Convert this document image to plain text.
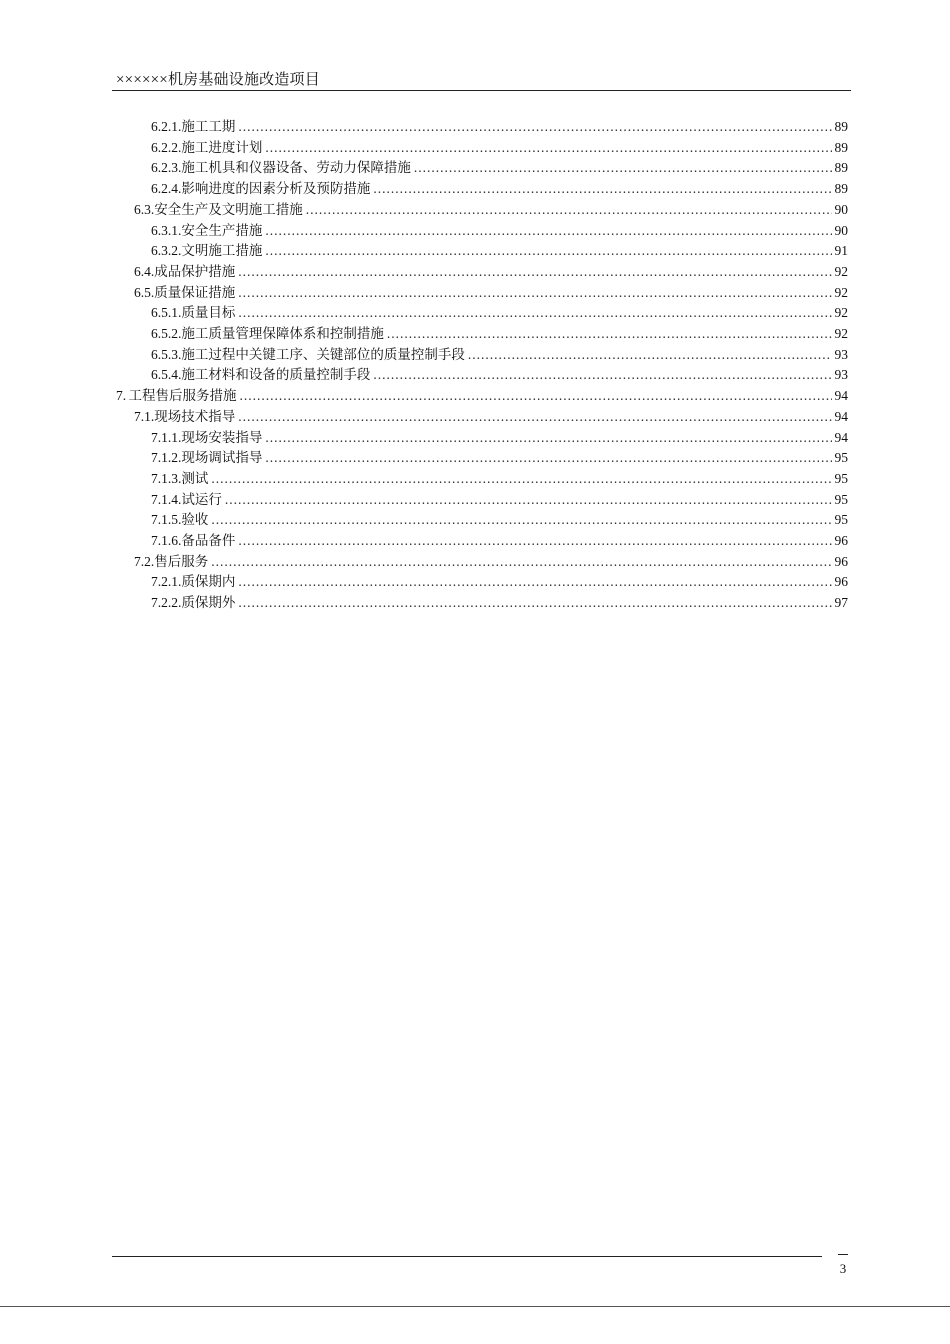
××××××机房基础设施改造项目
6.2.1. 施工工期 .....	89
6.2.2. 施工进度计划 .....	89
6.2.3. 施工机具和仪器设备、劳动力保障措施 .....	89
6.2.4. 影响进度的因素分析及预防措施 .....	89
6.3. 安全生产及文明施工措施 .....	90
6.3.1. 安全生产措施 .....	90
6.3.2. 文明施工措施 .....	91
6.4. 成品保护措施 .....	92
6.5. 质量保证措施 .....	92
6.5.1. 质量目标 .....	92
6.5.2. 施工质量管理保障体系和控制措施 .....	92
6.5.3. 施工过程中关键工序、关键部位的质量控制手段 .....	93
6.5.4. 施工材料和设备的质量控制手段 .....	93
7. 工程售后服务措施 .....	94
7.1. 现场技术指导 .....	94
7.1.1. 现场安装指导 .....	94
7.1.2. 现场调试指导 .....	95
7.1.3. 测试 .....	95
7.1.4. 试运行 .....	95
7.1.5. 验收 .....	95
7.1.6. 备品备件 .....	96
7.2. 售后服务 .....	96
7.2.1. 质保期内 .....	96
7.2.2. 质保期外 .....	97
3
